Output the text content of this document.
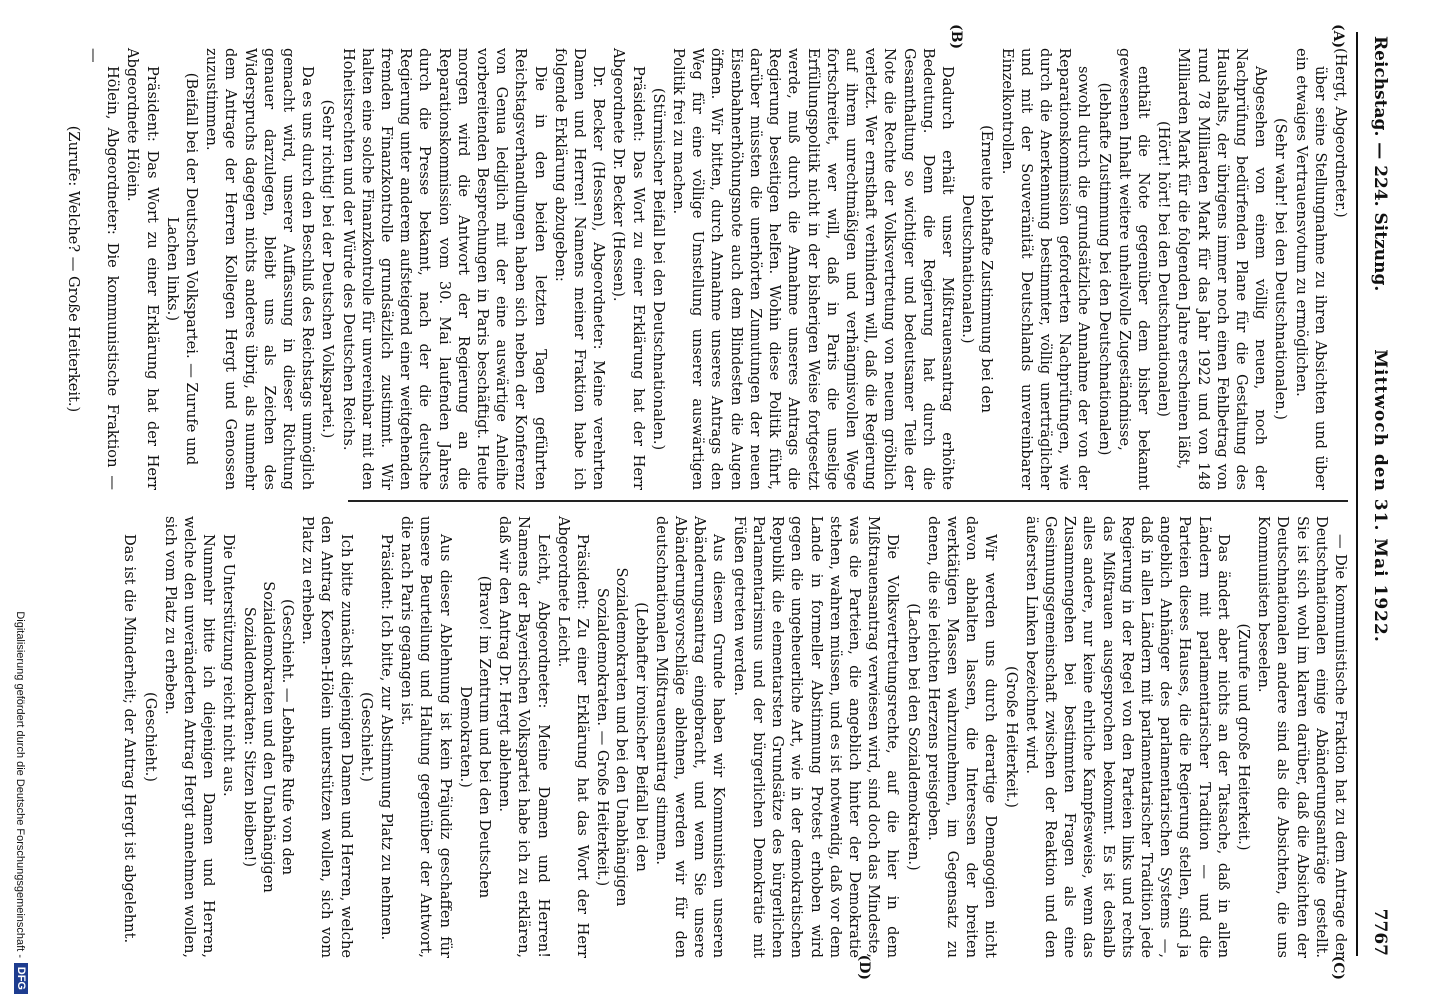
Reichstag. — 224. Sitzung.
Mittwoch den 31. Mai 1922.
7767
(A)
(B)
(C)
(D)

(Hergt, Abgeordneter.)

über seine Stellungnahme zu ihren Absichten und über ein etwaiges Vertrauensvotum zu ermöglichen.

(Sehr wahr! bei den Deutschnationalen.)

Abgesehen von einem völlig neuen, noch der Nachprüfung bedürfenden Plane für die Gestaltung des Haushalts, der übrigens immer noch einen Fehlbetrag von rund 78 Milliarden Mark für das Jahr 1922 und von 148 Milliarden Mark für die folgenden Jahre erscheinen läßt,

(Hört! hört! bei den Deutschnationalen)

enthält die Note gegenüber dem bisher bekannt gewesenen Inhalt weitere unheilvolle Zugeständnisse,

(lebhafte Zustimmung bei den Deutschnationalen)

sowohl durch die grundsätzliche Annahme der von der Reparationskommission geforderten Nachprüfungen, wie durch die Anerkennung bestimmter, völlig unerträglicher und mit der Souveränität Deutschlands unvereinbarer Einzelkontrollen.

(Erneute lebhafte Zustimmung bei den Deutschnationalen.)

Dadurch erhält unser Mißtrauensantrag erhöhte Bedeutung. Denn die Regierung hat durch die Gesamthaltung so wichtiger und bedeutsamer Teile der Note die Rechte der Volksvertretung von neuem gröblich verletzt. Wer ernsthaft verhindern will, daß die Regierung auf ihrem unrechtmäßigen und verhängnisvollen Wege fortschreitet, wer will, daß in Paris die unselige Erfüllungspolitik nicht in der bisherigen Weise fortgesetzt werde, muß durch die Annahme unseres Antrags die Regierung beseitigen helfen. Wohin diese Politik führt, darüber müssten die unerhörten Zumutungen der neuen Eisenbahnerhöhungsnote auch dem Blindesten die Augen öffnen. Wir bitten, durch Annahme unseres Antrags den Weg für eine völlige Umstellung unserer auswärtigen Politik frei zu machen.

(Stürmischer Beifall bei den Deutschnationalen.)

Präsident: Das Wort zu einer Erklärung hat der Herr Abgeordnete Dr. Becker (Hessen).

Dr. Becker (Hessen), Abgeordneter: Meine verehrten Damen und Herren! Namens meiner Fraktion habe ich folgende Erklärung abzugeben:

Die in den beiden letzten Tagen geführten Reichstagsverhandlungen haben sich neben der Konferenz von Genua lediglich mit der eine auswärtige Anleihe vorbereitenden Besprechungen in Paris beschäftigt. Heute morgen wird die Antwort der Regierung an die Reparationskommission vom 30. Mai laufenden Jahres durch die Presse bekannt, nach der die deutsche Regierung unter anderem aufsteigend einer weitgehenden fremden Finanzkontrolle grundsätzlich zustimmt. Wir halten eine solche Finanzkontrolle für unvereinbar mit den Hoheitsrechten und der Würde des Deutschen Reichs.

(Sehr richtig! bei der Deutschen Volkspartei.)

Da es uns durch den Beschluß des Reichstags unmöglich gemacht wird, unserer Auffassung in dieser Richtung genauer darzulegen, bleibt uns als Zeichen des Widerspruchs dagegen nichts anderes übrig, als nunmehr dem Antrage der Herren Kollegen Hergt und Genossen zuzustimmen.

(Beifall bei der Deutschen Volkspartei. — Zurufe und Lachen links.)

Präsident: Das Wort zu einer Erklärung hat der Herr Abgeordnete Hölein.

Hölein, Abgeordneter: Die kommunistische Fraktion — —

(Zurufe: Welche? — Große Heiterkeit.)

— Die kommunistische Fraktion hat zu dem Antrage der Deutschnationalen einige Abänderungsanträge gestellt. Sie ist sich wohl im klaren darüber, daß die Absichten der Deutschnationalen andere sind als die Absichten, die uns Kommunisten beseelen.

(Zurufe und große Heiterkeit.)

Das ändert aber nichts an der Tatsache, daß in allen Ländern mit parlamentarischer Tradition — und die Parteien dieses Hauses, die die Regierung stellen, sind ja angeblich Anhänger des parlamentarischen Systems —, daß in allen Ländern mit parlamentarischer Tradition jede Regierung in der Regel von den Parteien links und rechts das Mißtrauen ausgesprochen bekommt. Es ist deshalb alles andere, nur keine ehrliche Kampfesweise, wenn das Zusammengehen bei bestimmten Fragen als eine Gesinnungsgemeinschaft zwischen der Reaktion und den äußersten Linken bezeichnet wird.

(Große Heiterkeit.)

Wir werden uns durch derartige Demagogien nicht davon abhalten lassen, die Interessen der breiten werktätigen Massen wahrzunehmen, im Gegensatz zu denen, die sie leichten Herzens preisgeben.

(Lachen bei den Sozialdemokraten.)

Die Volksvertretungsrechte, auf die hier in dem Mißtrauensantrag verwiesen wird, sind doch das Mindeste, was die Parteien, die angeblich hinter der Demokratie stehen, wahren müssen, und es ist notwendig, daß vor dem Lande in formeller Abstimmung Protest erhoben wird gegen die ungeheuerliche Art, wie in der demokratischen Republik die elementarsten Grundsätze des bürgerlichen Parlamentarismus und der bürgerlichen Demokratie mit Füßen getreten werden.

Aus diesem Grunde haben wir Kommunisten unseren Abänderungsantrag eingebracht, und wenn Sie unsere Abänderungsvorschläge ablehnen, werden wir für den deutschnationalen Mißtrauensantrag stimmen.

(Lebhafter ironischer Beifall bei den Sozialdemokraten und bei den Unabhängigen Sozialdemokraten. — Große Heiterkeit.)

Präsident: Zu einer Erklärung hat das Wort der Herr Abgeordnete Leicht.

Leicht, Abgeordneter: Meine Damen und Herren! Namens der Bayerischen Volkspartei habe ich zu erklären, daß wir den Antrag Dr. Hergt ablehnen.

(Bravo! im Zentrum und bei den Deutschen Demokraten.)

Aus dieser Ablehnung ist kein Präjudiz geschaffen für unsere Beurteilung und Haltung gegenüber der Antwort, die nach Paris gegangen ist.

Präsident: Ich bitte, zur Abstimmung Platz zu nehmen.

(Geschieht.)

Ich bitte zunächst diejenigen Damen und Herren, welche den Antrag Koenen-Hölein unterstützen wollen, sich vom Platz zu erheben.

(Geschieht. — Lebhafte Rufe von den Sozialdemokraten und den Unabhängigen Sozialdemokraten: Sitzen bleiben!)

Die Unterstützung reicht nicht aus.

Nunmehr bitte ich diejenigen Damen und Herren, welche den unveränderten Antrag Hergt annehmen wollen, sich vom Platz zu erheben.

(Geschieht.)

Das ist die Minderheit; der Antrag Hergt ist abgelehnt.

Digitalisierung gefördert durch die Deutsche Forschungsgemeinschaft -
DFG
